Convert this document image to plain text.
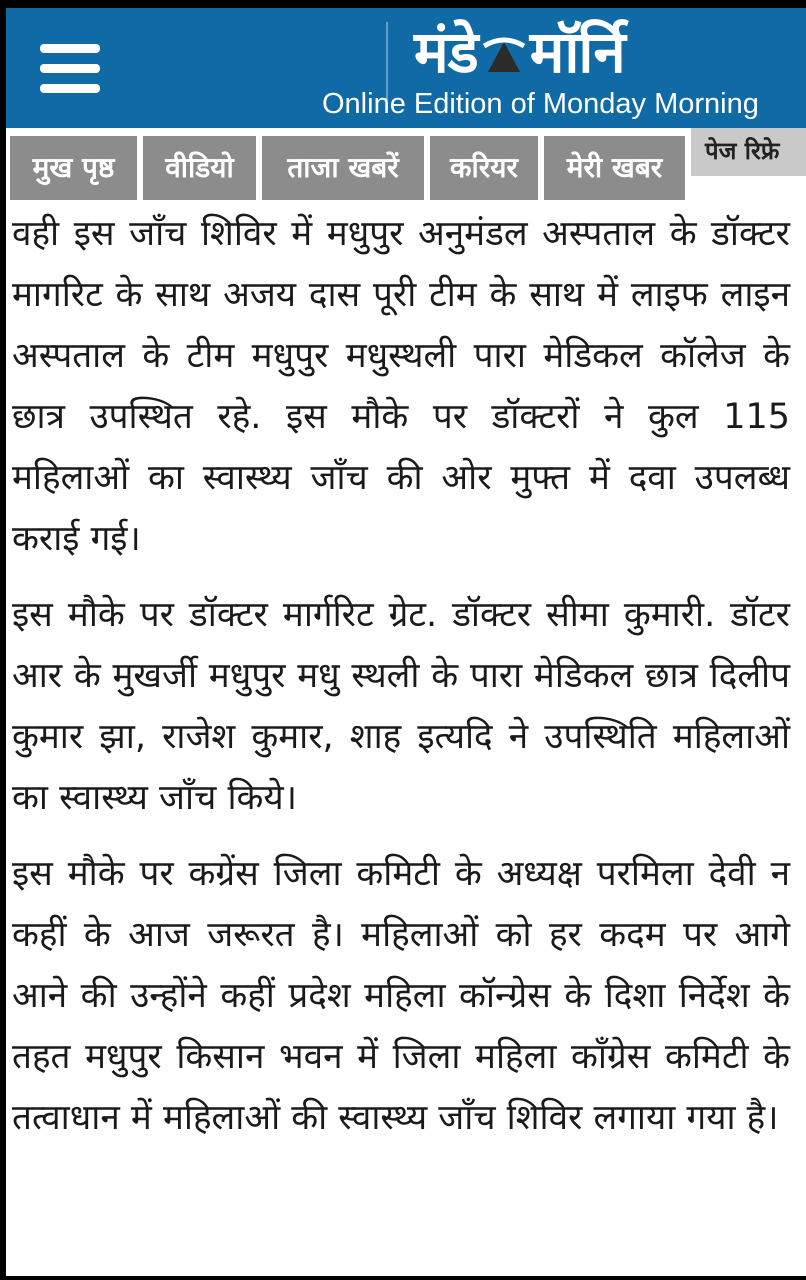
मंडे मॉर्नि
Online Edition of Monday Morning
मुख पृष्ठ	वीडियो	ताजा खबरें	करियर	मेरी खबर	पेज रिफ्रे

वही इस जाँच शिविर में मधुपुर अनुमंडल अस्पताल के डॉक्टर मागरिट के साथ अजय दास पूरी टीम के साथ में लाइफ लाइन अस्पताल के टीम मधुपुर मधुस्थली पारा मेडिकल कॉलेज के छात्र उपस्थित रहे. इस मौके पर डॉक्टरों ने कुल 115 महिलाओं का स्वास्थ्य जाँच की ओर मुफ्त में दवा उपलब्ध कराई गई।

इस मौके पर डॉक्टर मार्गरिट ग्रेट. डॉक्टर सीमा कुमारी. डॉटर आर के मुखर्जी मधुपुर मधु स्थली के पारा मेडिकल छात्र दिलीप कुमार झा, राजेश कुमार, शाह इत्यदि ने उपस्थिति महिलाओं का स्वास्थ्य जाँच किये।

इस मौके पर कग्रेंस जिला कमिटी के अध्यक्ष परमिला देवी न कहीं के आज जरूरत है। महिलाओं को हर कदम पर आगे आने की उन्होंने कहीं प्रदेश महिला कॉन्ग्रेस के दिशा निर्देश के तहत मधुपुर किसान भवन में जिला महिला कॉंग्रेस कमिटी के तत्वाधान में महिलाओं की स्वास्थ्य जाँच शिविर लगाया गया है।
